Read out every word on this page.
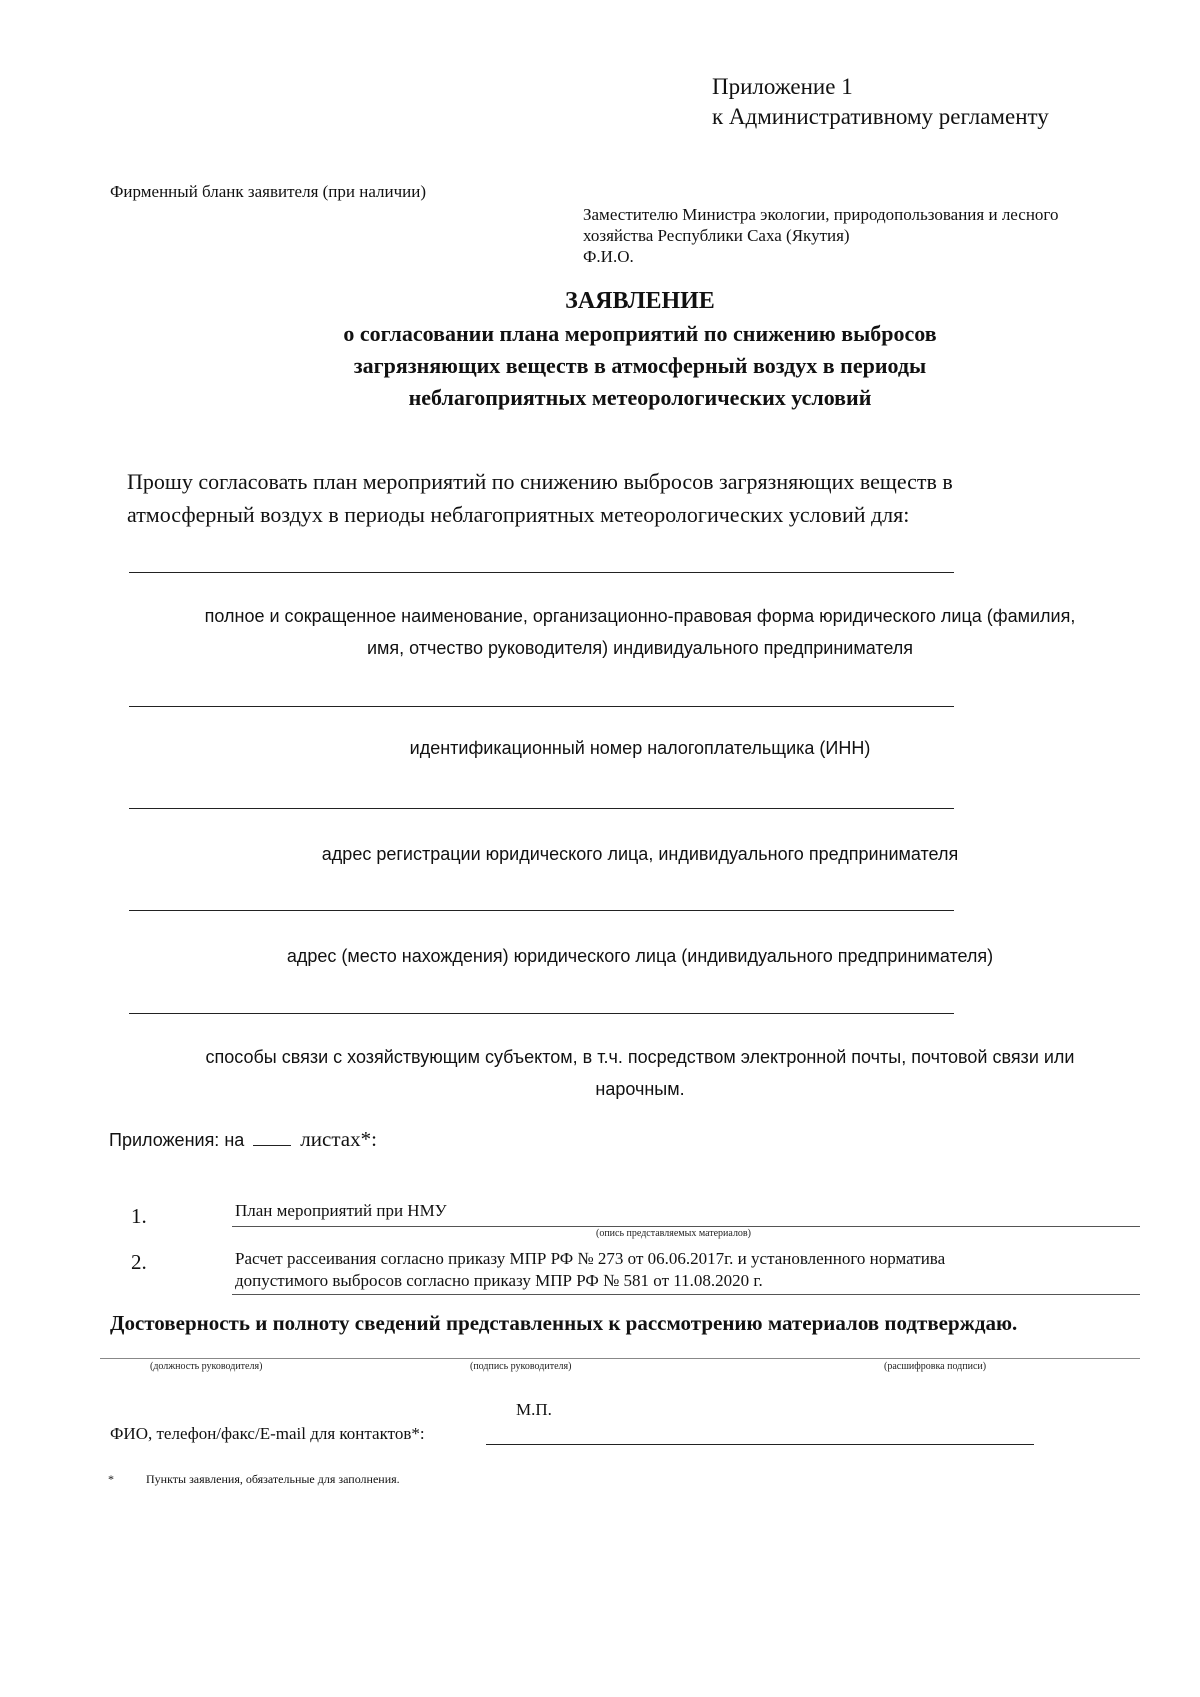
Приложение 1
к Административному регламенту
Фирменный бланк заявителя (при наличии)
Заместителю Министра экологии, природопользования и лесного
хозяйства Республики Саха (Якутия)
Ф.И.О.
ЗАЯВЛЕНИЕ
о согласовании плана мероприятий по снижению выбросов
загрязняющих веществ в атмосферный воздух в периоды
неблагоприятных метеорологических условий
Прошу согласовать план мероприятий по снижению выбросов загрязняющих веществ в
атмосферный воздух в периоды неблагоприятных метеорологических условий для:
полное и сокращенное наименование, организационно-правовая форма юридического лица (фамилия,
имя, отчество руководителя) индивидуального предпринимателя
идентификационный номер налогоплательщика (ИНН)
адрес регистрации юридического лица, индивидуального предпринимателя
адрес (место нахождения) юридического лица (индивидуального предпринимателя)
способы связи с хозяйствующим субъектом, в т.ч. посредством электронной почты, почтовой связи или
нарочным.
Приложения: на	листах*:
1.	План мероприятий при НМУ
(опись представляемых материалов)
2.	Расчет рассеивания согласно приказу МПР РФ № 273 от 06.06.2017г. и установленного норматива
допустимого выбросов согласно приказу МПР РФ № 581 от 11.08.2020 г.
Достоверность и полноту сведений представленных к рассмотрению материалов подтверждаю.
(должность руководителя)	(подпись руководителя)	(расшифровка подписи)
М.П.
ФИО, телефон/факс/E-mail для контактов*:
*	Пункты заявления, обязательные для заполнения.
